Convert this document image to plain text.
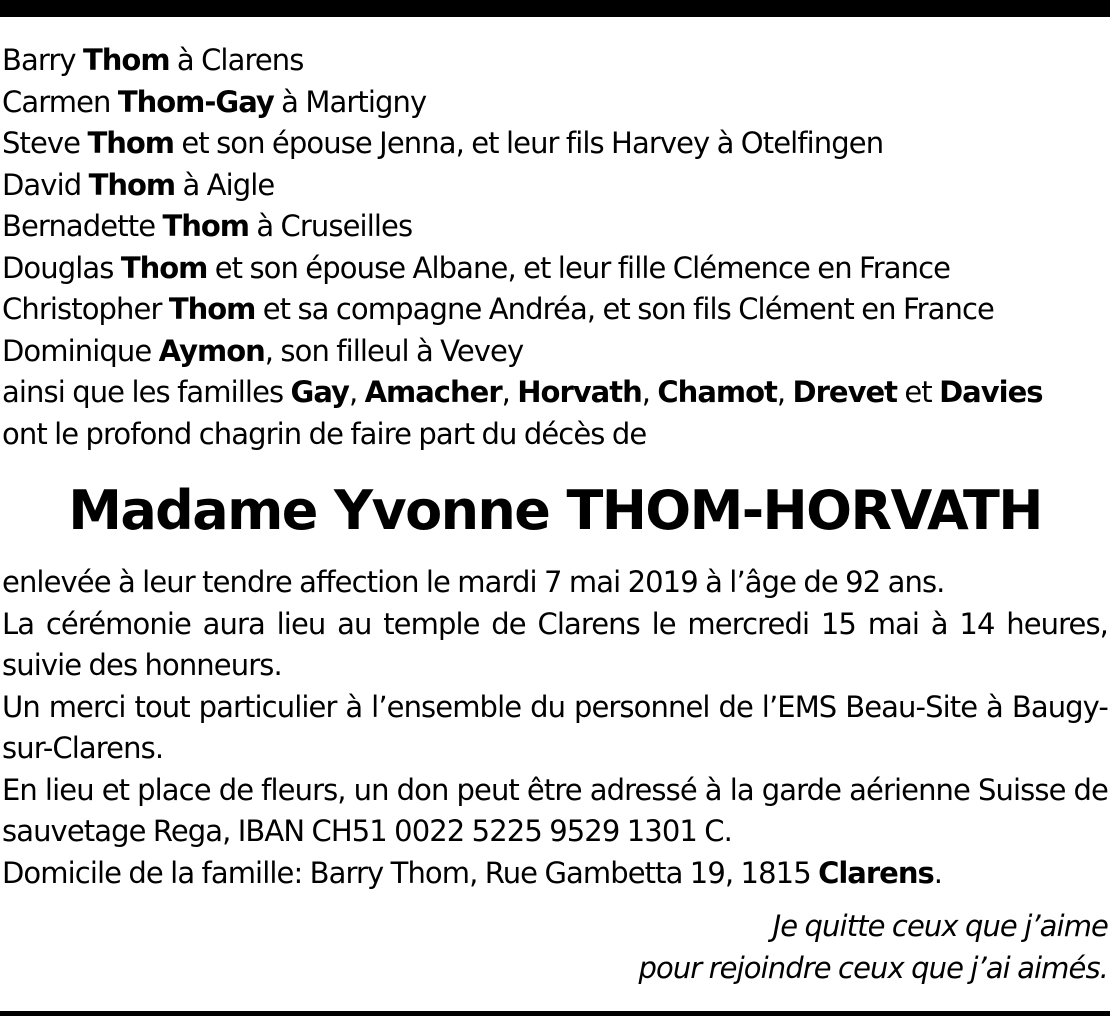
Barry Thom à Clarens
Carmen Thom-Gay à Martigny
Steve Thom et son épouse Jenna, et leur fils Harvey à Otelfingen
David Thom à Aigle
Bernadette Thom à Cruseilles
Douglas Thom et son épouse Albane, et leur fille Clémence en France
Christopher Thom et sa compagne Andréa, et son fils Clément en France
Dominique Aymon, son filleul à Vevey
ainsi que les familles Gay, Amacher, Horvath, Chamot, Drevet et Davies
ont le profond chagrin de faire part du décès de
Madame Yvonne THOM-HORVATH

enlevée à leur tendre affection le mardi 7 mai 2019 à l’âge de 92 ans.

La cérémonie aura lieu au temple de Clarens le mercredi 15 mai à 14 heures, suivie des honneurs.

Un merci tout particulier à l’ensemble du personnel de l’EMS Beau-Site à Baugy-sur-Clarens.

En lieu et place de fleurs, un don peut être adressé à la garde aérienne Suisse de sauvetage Rega, IBAN CH51 0022 5225 9529 1301 C.

Domicile de la famille: Barry Thom, Rue Gambetta 19, 1815 Clarens.

Je quitte ceux que j’aime
pour rejoindre ceux que j’ai aimés.
